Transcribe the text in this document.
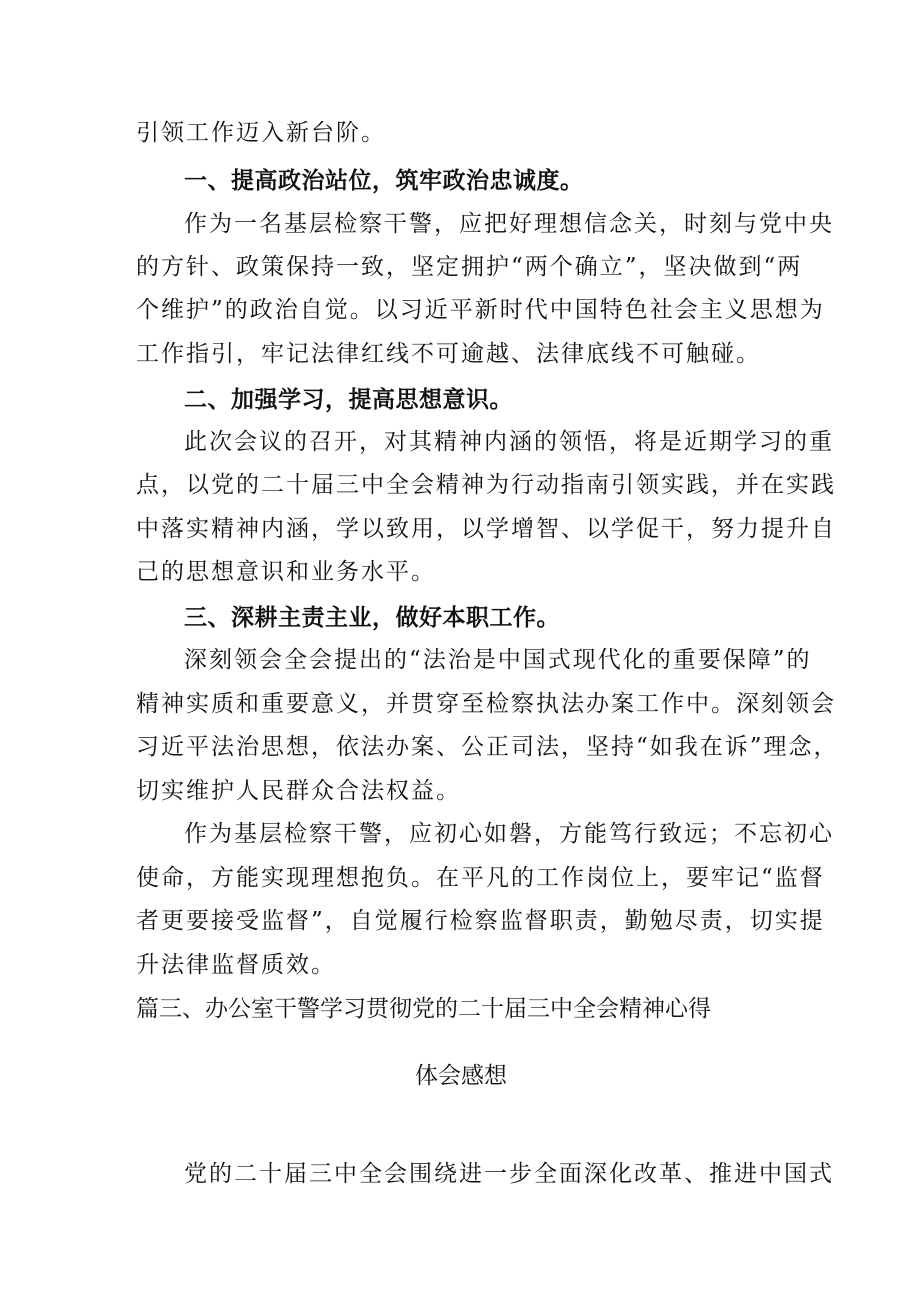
引领工作迈入新台阶。
一、提高政治站位，筑牢政治忠诚度。
作为一名基层检察干警，应把好理想信念关，时刻与党中央
的方针、政策保持一致，坚定拥护“两个确立”，坚决做到“两
个维护”的政治自觉。以习近平新时代中国特色社会主义思想为
工作指引，牢记法律红线不可逾越、法律底线不可触碰。
二、加强学习，提高思想意识。
此次会议的召开，对其精神内涵的领悟，将是近期学习的重
点，以党的二十届三中全会精神为行动指南引领实践，并在实践
中落实精神内涵，学以致用，以学增智、以学促干，努力提升自
己的思想意识和业务水平。
三、深耕主责主业，做好本职工作。
深刻领会全会提出的“法治是中国式现代化的重要保障”的
精神实质和重要意义，并贯穿至检察执法办案工作中。深刻领会
习近平法治思想，依法办案、公正司法，坚持“如我在诉”理念，
切实维护人民群众合法权益。
作为基层检察干警，应初心如磐，方能笃行致远；不忘初心
使命，方能实现理想抱负。在平凡的工作岗位上，要牢记“监督
者更要接受监督”，自觉履行检察监督职责，勤勉尽责，切实提
升法律监督质效。
篇三、办公室干警学习贯彻党的二十届三中全会精神心得
体会感想
党的二十届三中全会围绕进一步全面深化改革、推进中国式
